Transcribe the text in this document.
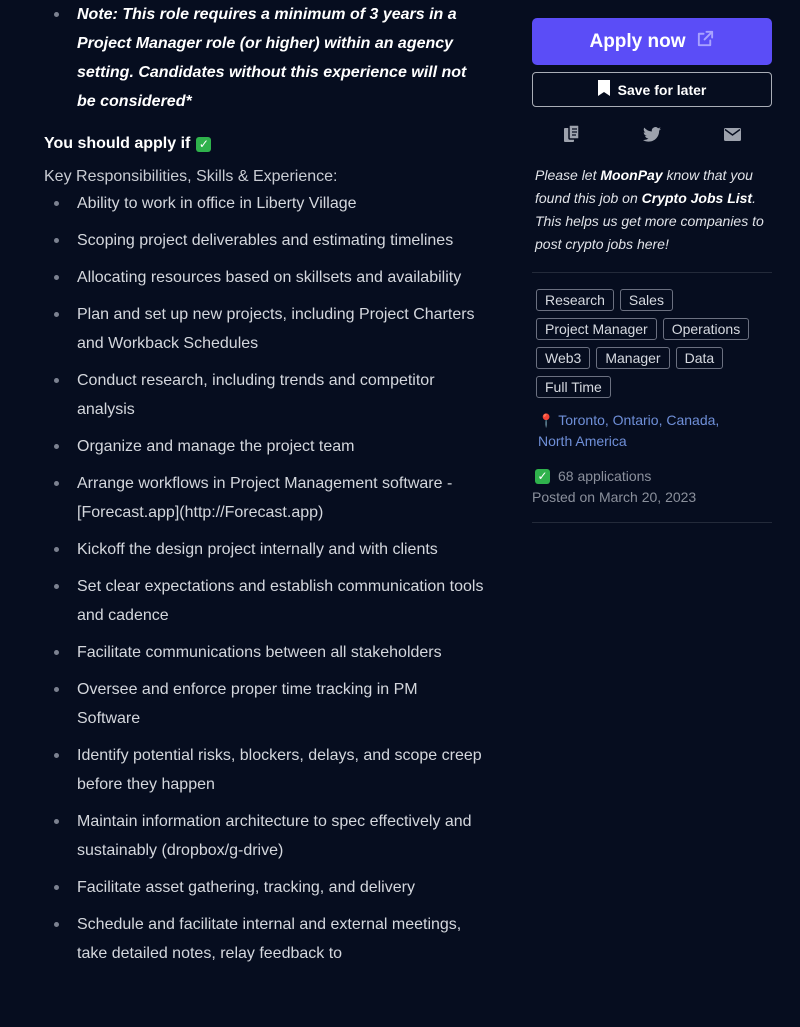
Note: This role requires a minimum of 3 years in a Project Manager role (or higher) within an agency setting. Candidates without this experience will not be considered*
You should apply if ✓
Key Responsibilities, Skills & Experience:
Ability to work in office in Liberty Village
Scoping project deliverables and estimating timelines
Allocating resources based on skillsets and availability
Plan and set up new projects, including Project Charters and Workback Schedules
Conduct research, including trends and competitor analysis
Organize and manage the project team
Arrange workflows in Project Management software - [Forecast.app](http://Forecast.app)
Kickoff the design project internally and with clients
Set clear expectations and establish communication tools and cadence
Facilitate communications between all stakeholders
Oversee and enforce proper time tracking in PM Software
Identify potential risks, blockers, delays, and scope creep before they happen
Maintain information architecture to spec effectively and sustainably (dropbox/g-drive)
Facilitate asset gathering, tracking, and delivery
Schedule and facilitate internal and external meetings, take detailed notes, relay feedback to
Apply now
Save for later
Please let MoonPay know that you found this job on Crypto Jobs List. This helps us get more companies to post crypto jobs here!
Research	Sales
Project Manager	Operations
Web3	Manager	Data
Full Time
📍 Toronto, Ontario, Canada,
North America
✓ 68 applications
Posted on March 20, 2023
